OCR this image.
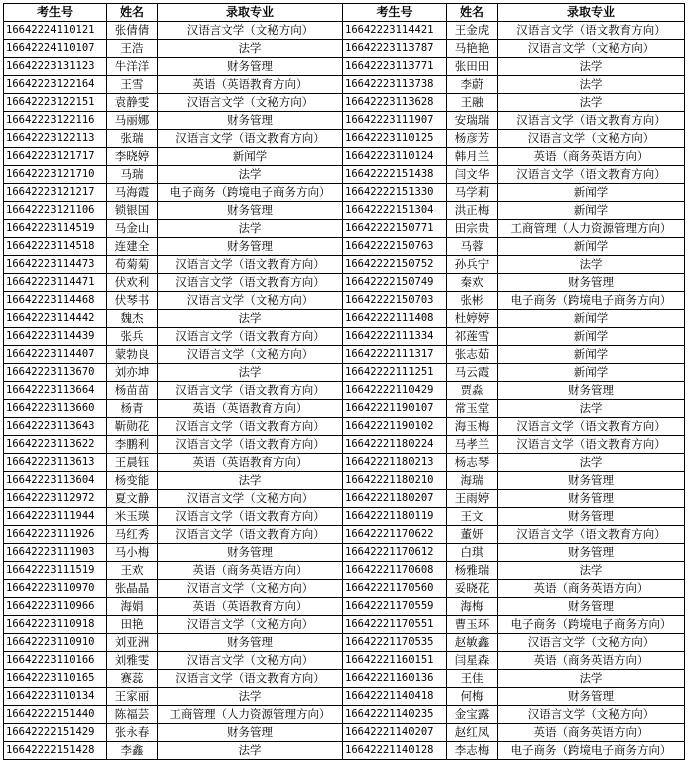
考生号	姓名	录取专业	考生号	姓名	录取专业
16642224110121	张倩倩	汉语言文学（文秘方向）	16642223114421	王金虎	汉语言文学（语文教育方向）
16642224110107	王浩	法学	16642223113787	马艳艳	汉语言文学（文秘方向）
16642223131123	牛洋洋	财务管理	16642223113771	张田田	法学
16642223122164	王雪	英语（英语教育方向）	16642223113738	李蔚	法学
16642223122151	袁静雯	汉语言文学（文秘方向）	16642223113628	王融	法学
16642223122116	马丽娜	财务管理	16642223111907	安瑞瑞	汉语言文学（语文教育方向）
16642223122113	张瑞	汉语言文学（语文教育方向）	16642223110125	杨彦芳	汉语言文学（文秘方向）
16642223121717	李晓婷	新闻学	16642223110124	韩月兰	英语（商务英语方向）
16642223121710	马瑞	法学	16642222151438	闫文华	汉语言文学（语文教育方向）
16642223121217	马海霞	电子商务（跨境电子商务方向）	16642222151330	马学莉	新闻学
16642223121106	锁银国	财务管理	16642222151304	洪正梅	新闻学
16642223114519	马金山	法学	16642222150771	田宗贵	工商管理（人力资源管理方向）
16642223114518	连建全	财务管理	16642222150763	马蓉	新闻学
16642223114473	苟菊菊	汉语言文学（语文教育方向）	16642222150752	孙兵宁	法学
16642223114471	伏欢利	汉语言文学（语文教育方向）	16642222150749	秦欢	财务管理
16642223114468	伏琴书	汉语言文学（文秘方向）	16642222150703	张彬	电子商务（跨境电子商务方向）
16642223114442	魏杰	法学	16642222111408	杜婷婷	新闻学
16642223114439	张兵	汉语言文学（语文教育方向）	16642222111334	祁莲雪	新闻学
16642223114407	蒙勃良	汉语言文学（文秘方向）	16642222111317	张志茹	新闻学
16642223113670	刘亦坤	法学	16642222111251	马云霞	新闻学
16642223113664	杨苗苗	汉语言文学（语文教育方向）	16642222110429	贾淼	财务管理
16642223113660	杨青	英语（英语教育方向）	16642221190107	常玉堂	法学
16642223113643	靳勋花	汉语言文学（语文教育方向）	16642221190102	海玉梅	汉语言文学（语文教育方向）
16642223113622	李鹏利	汉语言文学（语文教育方向）	16642221180224	马孝兰	汉语言文学（语文教育方向）
16642223113613	王晨钰	英语（英语教育方向）	16642221180213	杨志琴	法学
16642223113604	杨变能	法学	16642221180210	海瑞	财务管理
16642223112972	夏文静	汉语言文学（文秘方向）	16642221180207	王雨婷	财务管理
16642223111944	米玉瑛	汉语言文学（语文教育方向）	16642221180119	王文	财务管理
16642223111926	马红秀	汉语言文学（语文教育方向）	16642221170622	董妍	汉语言文学（语文教育方向）
16642223111903	马小梅	财务管理	16642221170612	白琪	财务管理
16642223111519	王欢	英语（商务英语方向）	16642221170608	杨雅瑞	法学
16642223110970	张晶晶	汉语言文学（文秘方向）	16642221170560	妥晓花	英语（商务英语方向）
16642223110966	海娟	英语（英语教育方向）	16642221170559	海梅	财务管理
16642223110918	田艳	汉语言文学（文秘方向）	16642221170551	曹玉环	电子商务（跨境电子商务方向）
16642223110910	刘亚洲	财务管理	16642221170535	赵敏鑫	汉语言文学（文秘方向）
16642223110166	刘雅雯	汉语言文学（文秘方向）	16642221160151	闫星森	英语（商务英语方向）
16642223110165	赛蕊	汉语言文学（语文教育方向）	16642221160136	王佳	法学
16642223110134	王家丽	法学	16642221140418	何梅	财务管理
16642222151440	陈福芸	工商管理（人力资源管理方向）	16642221140235	金宝露	汉语言文学（文秘方向）
16642222151429	张永春	财务管理	16642221140207	赵红凤	英语（商务英语方向）
16642222151428	李鑫	法学	16642221140128	李志梅	电子商务（跨境电子商务方向）
